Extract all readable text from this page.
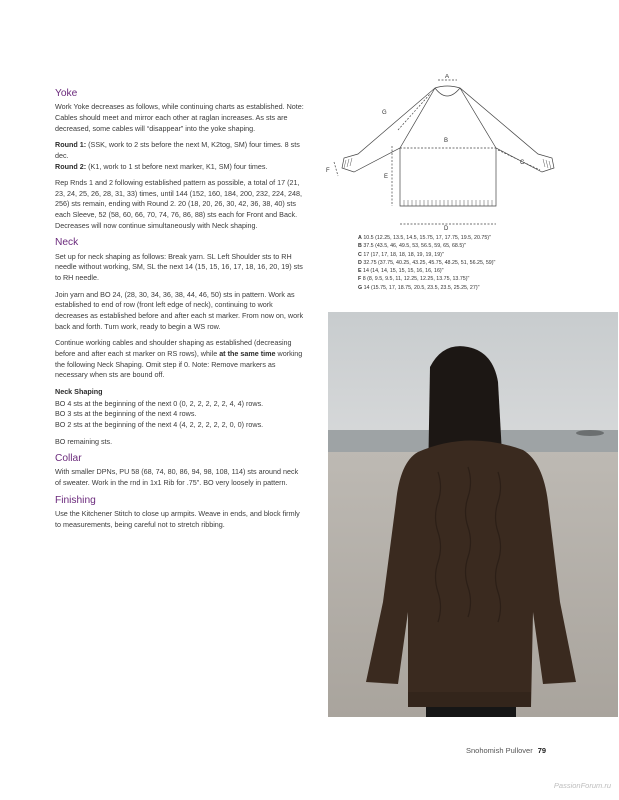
Yoke

Work Yoke decreases as follows, while continuing charts as established. Note: Cables should meet and mirror each other at raglan increases. As sts are decreased, some cables will “disappear” into the yoke shaping.

Round 1: (SSK, work to 2 sts before the next M, K2tog, SM) four times. 8 sts dec.

Round 2: (K1, work to 1 st before next marker, K1, SM) four times.

Rep Rnds 1 and 2 following established pattern as possible, a total of 17 (21, 23, 24, 25, 26, 28, 31, 33) times, until 144 (152, 160, 184, 200, 232, 224, 248, 256) sts remain, ending with Round 2. 20 (18, 20, 26, 30, 42, 36, 38, 40) sts each Sleeve, 52 (58, 60, 66, 70, 74, 76, 86, 88) sts each for Front and Back. Decreases will now continue simultaneously with Neck shaping.

Neck

Set up for neck shaping as follows: Break yarn. SL Left Shoulder sts to RH needle without working, SM, SL the next 14 (15, 15, 16, 17, 18, 16, 20, 19) sts to RH needle.

Join yarn and BO 24, (28, 30, 34, 36, 38, 44, 46, 50) sts in pattern. Work as established to end of row (front left edge of neck), continuing to work decreases as established before and after each st marker. From now on, work back and forth. Turn work, ready to begin a WS row.

Continue working cables and shoulder shaping as established (decreasing before and after each st marker on RS rows), while at the same time working the following Neck Shaping. Omit step if 0. Note: Remove markers as necessary when sts are bound off.

Neck Shaping

BO 4 sts at the beginning of the next 0 (0, 2, 2, 2, 2, 2, 4, 4) rows.

BO 3 sts at the beginning of the next 4 rows.

BO 2 sts at the beginning of the next 4 (4, 2, 2, 2, 2, 2, 0, 0) rows.

BO remaining sts.

Collar

With smaller DPNs, PU 58 (68, 74, 80, 86, 94, 98, 108, 114) sts around neck of sweater. Work in the rnd in 1x1 Rib for .75". BO very loosely in pattern.

Finishing

Use the Kitchener Stitch to close up armpits. Weave in ends, and block firmly to measurements, being careful not to stretch ribbing.

A
B
C
D
E
F
G
A 10.5 (12.25, 13.5, 14.5, 15.75, 17, 17.75, 19.5, 20.75)"
B 37.5 (43.5, 46, 49.5, 53, 56.5, 59, 65, 68.5)"
C 17 (17, 17, 18, 18, 18, 19, 19, 19)"
D 32.75 (37.75, 40.25, 43.25, 45.75, 48.25, 51, 56.25, 59)"
E 14 (14, 14, 15, 15, 15, 16, 16, 16)"
F 8 (8, 9.5, 9.5, 11, 12.25, 12.25, 13.75, 13.75)"
G 14 (15.75, 17, 18.75, 20.5, 23.5, 23.5, 25.25, 27)"
Snohomish Pullover 79
PassionForum.ru
